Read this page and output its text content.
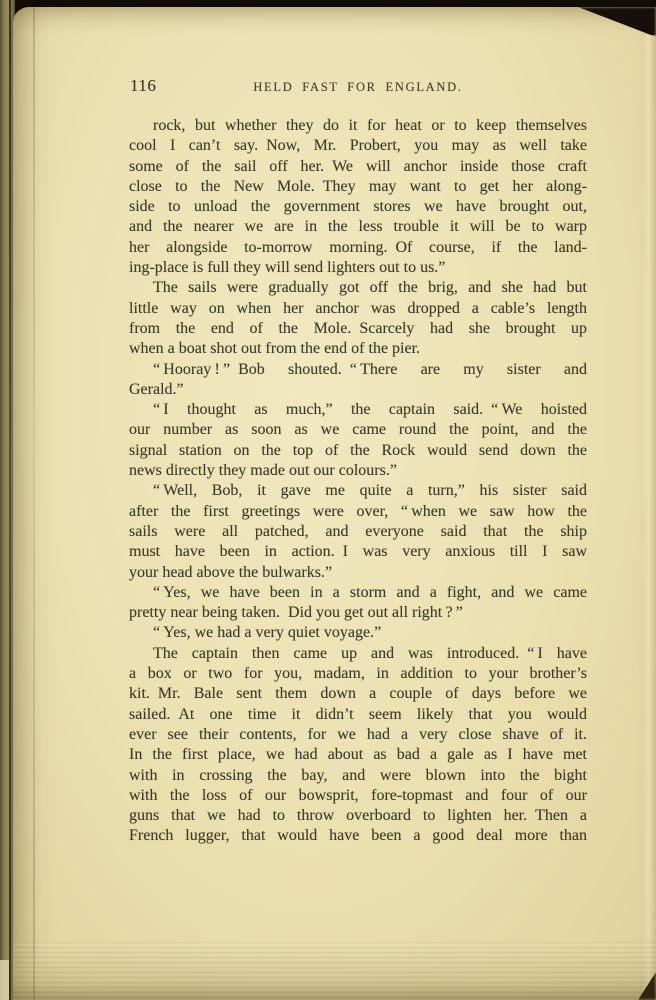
116	HELD FAST FOR ENGLAND.
rock, but whether they do it for heat or to keep themselves
cool I can’t say. Now, Mr. Probert, you may as well take
some of the sail off her. We will anchor inside those craft
close to the New Mole. They may want to get her along-
side to unload the government stores we have brought out,
and the nearer we are in the less trouble it will be to warp
her alongside to-morrow morning. Of course, if the land-
ing-place is full they will send lighters out to us.”
The sails were gradually got off the brig, and she had but
little way on when her anchor was dropped a cable’s length
from the end of the Mole. Scarcely had she brought up
when a boat shot out from the end of the pier.
“ Hooray ! ” Bob shouted. “ There are my sister and
Gerald.”
“ I thought as much,” the captain said. “ We hoisted
our number as soon as we came round the point, and the
signal station on the top of the Rock would send down the
news directly they made out our colours.”
“ Well, Bob, it gave me quite a turn,” his sister said
after the first greetings were over, “ when we saw how the
sails were all patched, and everyone said that the ship
must have been in action. I was very anxious till I saw
your head above the bulwarks.”
“ Yes, we have been in a storm and a fight, and we came
pretty near being taken. Did you get out all right ? ”
“ Yes, we had a very quiet voyage.”
The captain then came up and was introduced. “ I have
a box or two for you, madam, in addition to your brother’s
kit. Mr. Bale sent them down a couple of days before we
sailed. At one time it didn’t seem likely that you would
ever see their contents, for we had a very close shave of it.
In the first place, we had about as bad a gale as I have met
with in crossing the bay, and were blown into the bight
with the loss of our bowsprit, fore-topmast and four of our
guns that we had to throw overboard to lighten her. Then a
French lugger, that would have been a good deal more than
